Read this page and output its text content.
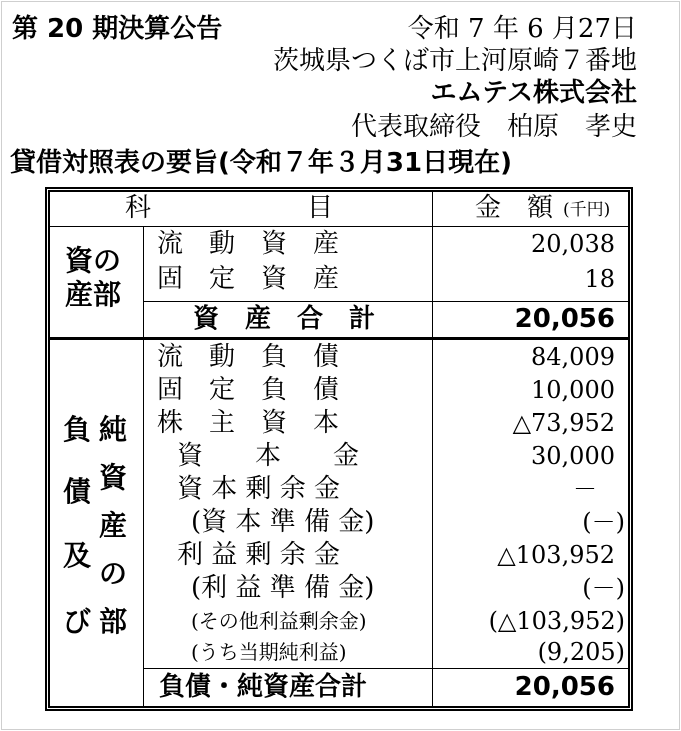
第 20 期決算公告	令和 7 年 6 月27日
茨城県つくば市上河原崎７番地
エムテス株式会社
代表取締役　柏原　孝史
貸借対照表の要旨(令和７年３月31日現在)
科　　　　　　目	金　額 (千円)
資の
産部
流　動　資　産	20,038
固　定　資　産	18
資　産　合　計	20,056
負
債
及
び
純
資
産
の
部
流　動　負　債	84,009
固　定　負　債	10,000
株　主　資　本	△73,952
資　　本　　金	30,000
資 本 剰 余 金	－
(資 本 準 備 金)	(－)
利 益 剰 余 金	△103,952
(利 益 準 備 金)	(－)
(その他利益剰余金)	(△103,952)
(うち当期純利益)	(9,205)
負債・純資産合計	20,056
